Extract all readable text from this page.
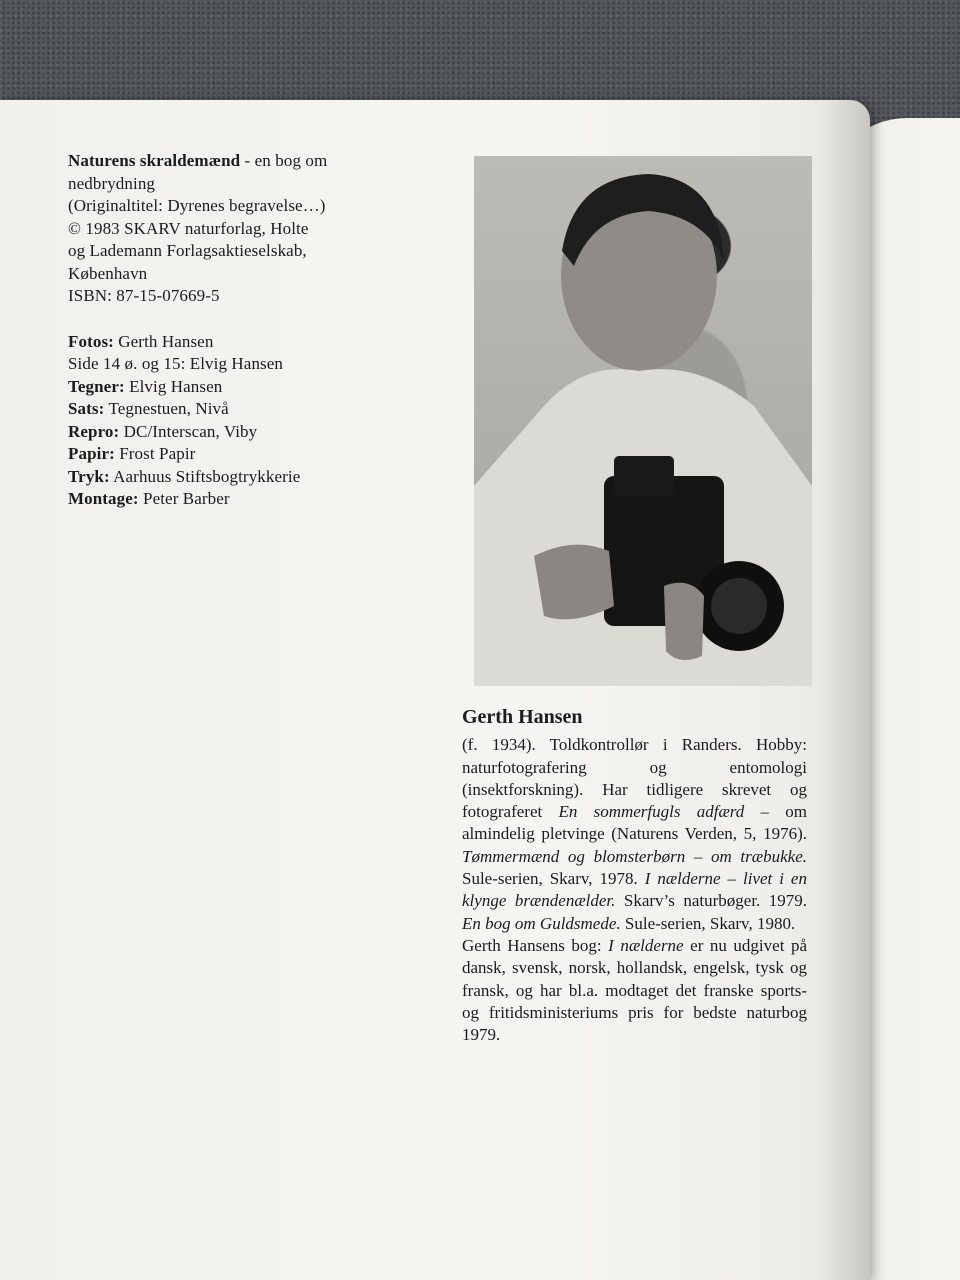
Naturens skraldemænd - en bog om
nedbrydning
(Originaltitel: Dyrenes begravelse…)
© 1983 SKARV naturforlag, Holte
og Lademann Forlagsaktieselskab,
København
ISBN: 87-15-07669-5
Fotos: Gerth Hansen
Side 14 ø. og 15: Elvig Hansen
Tegner: Elvig Hansen
Sats: Tegnestuen, Nivå
Repro: DC/Interscan, Viby
Papir: Frost Papir
Tryk: Aarhuus Stiftsbogtrykkerie
Montage: Peter Barber
Gerth Hansen

(f. 1934). Toldkontrollør i Randers. Hobby: naturfotografering og entomologi (insektforskning). Har tidligere skrevet og fotograferet En sommerfugls adfærd – om almindelig pletvinge (Naturens Verden, 5, 1976). Tømmermænd og blomsterbørn – om træbukke. Sule-serien, Skarv, 1978. I nælderne – livet i en klynge brændenælder. Skarv’s naturbøger. 1979. En bog om Guldsmede. Sule-serien, Skarv, 1980.

Gerth Hansens bog: I nælderne er nu udgivet på dansk, svensk, norsk, hollandsk, engelsk, tysk og fransk, og har bl.a. modtaget det franske sports- og fritidsministeriums pris for bedste naturbog 1979.
